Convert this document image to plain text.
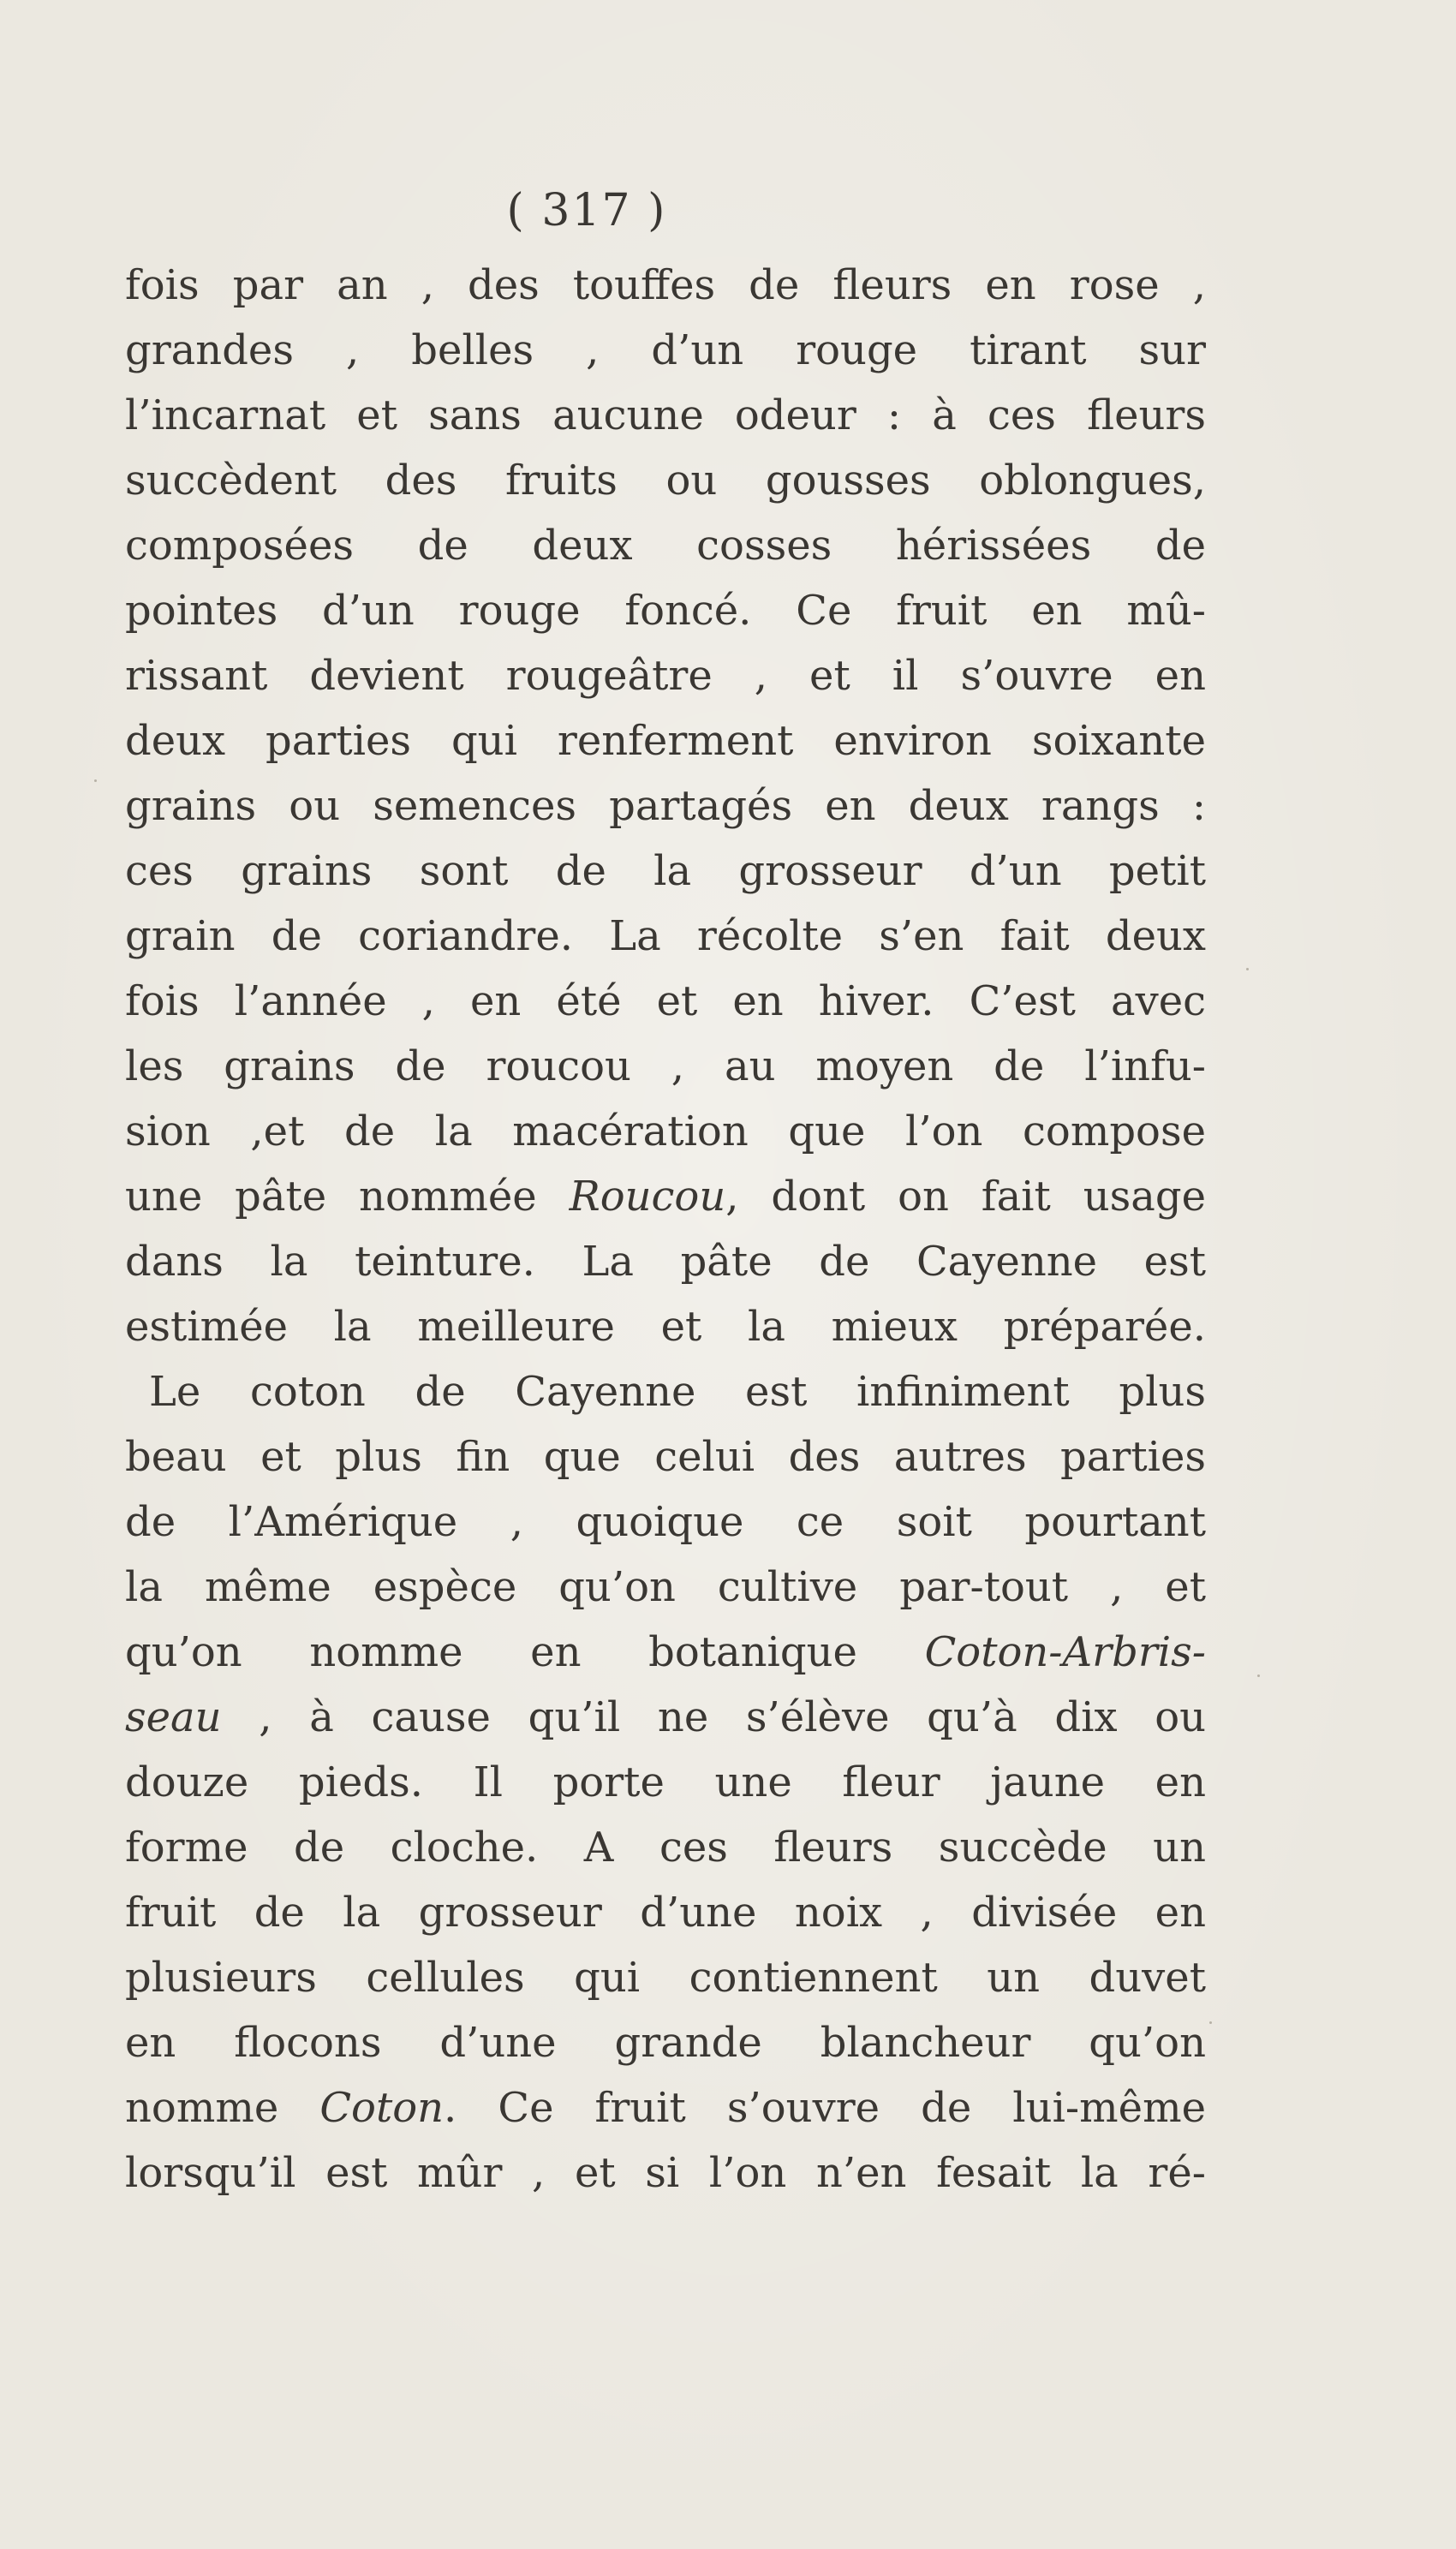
( 317 )
fois par an , des touffes de fleurs en rose ,
grandes , belles , d’un rouge tirant sur
l’incarnat et sans aucune odeur : à ces fleurs
succèdent des fruits ou gousses oblongues,
composées de deux cosses hérissées de
pointes d’un rouge foncé. Ce fruit en mû-
rissant devient rougeâtre , et il s’ouvre en
deux parties qui renferment environ soixante
grains ou semences partagés en deux rangs :
ces grains sont de la grosseur d’un petit
grain de coriandre. La récolte s’en fait deux
fois l’année , en été et en hiver. C’est avec
les grains de roucou , au moyen de l’infu-
sion ,et de la macération que l’on compose
une pâte nommée Roucou, dont on fait usage
dans la teinture. La pâte de Cayenne est
estimée la meilleure et la mieux préparée.
Le coton de Cayenne est infiniment plus
beau et plus fin que celui des autres parties
de l’Amérique , quoique ce soit pourtant
la même espèce qu’on cultive par-tout , et
qu’on nomme en botanique Coton-Arbris-
seau , à cause qu’il ne s’élève qu’à dix ou
douze pieds. Il porte une fleur jaune en
forme de cloche. A ces fleurs succède un
fruit de la grosseur d’une noix , divisée en
plusieurs cellules qui contiennent un duvet
en flocons d’une grande blancheur qu’on
nomme Coton. Ce fruit s’ouvre de lui-même
lorsqu’il est mûr , et si l’on n’en fesait la ré-
